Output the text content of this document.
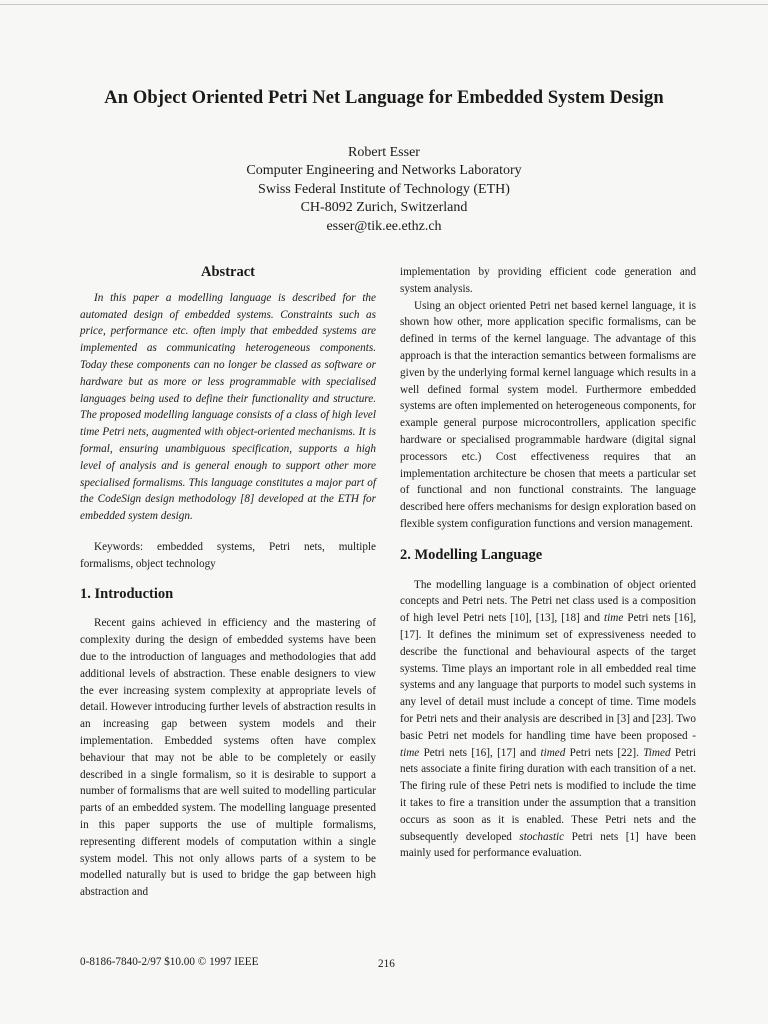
An Object Oriented Petri Net Language for Embedded System Design
Robert Esser
Computer Engineering and Networks Laboratory
Swiss Federal Institute of Technology (ETH)
CH-8092 Zurich, Switzerland
esser@tik.ee.ethz.ch
Abstract

In this paper a modelling language is described for the automated design of embedded systems. Constraints such as price, performance etc. often imply that embedded systems are implemented as communicating heterogeneous components. Today these components can no longer be classed as software or hardware but as more or less programmable with specialised languages being used to define their functionality and structure. The proposed modelling language consists of a class of high level time Petri nets, augmented with object-oriented mechanisms. It is formal, ensuring unambiguous specification, supports a high level of analysis and is general enough to support other more specialised formalisms. This language constitutes a major part of the CodeSign design methodology [8] developed at the ETH for embedded system design.

Keywords: embedded systems, Petri nets, multiple formalisms, object technology

1. Introduction

Recent gains achieved in efficiency and the mastering of complexity during the design of embedded systems have been due to the introduction of languages and methodologies that add additional levels of abstraction. These enable designers to view the ever increasing system complexity at appropriate levels of detail. However introducing further levels of abstraction results in an increasing gap between system models and their implementation. Embedded systems often have complex behaviour that may not be able to be completely or easily described in a single formalism, so it is desirable to support a number of formalisms that are well suited to modelling particular parts of an embedded system. The modelling language presented in this paper supports the use of multiple formalisms, representing different models of computation within a single system model. This not only allows parts of a system to be modelled naturally but is used to bridge the gap between high abstraction and

implementation by providing efficient code generation and system analysis.

Using an object oriented Petri net based kernel language, it is shown how other, more application specific formalisms, can be defined in terms of the kernel language. The advantage of this approach is that the interaction semantics between formalisms are given by the underlying formal kernel language which results in a well defined formal system model. Furthermore embedded systems are often implemented on heterogeneous components, for example general purpose microcontrollers, application specific hardware or specialised programmable hardware (digital signal processors etc.) Cost effectiveness requires that an implementation architecture be chosen that meets a particular set of functional and non functional constraints. The language described here offers mechanisms for design exploration based on flexible system configuration functions and version management.

2. Modelling Language

The modelling language is a combination of object oriented concepts and Petri nets. The Petri net class used is a composition of high level Petri nets [10], [13], [18] and time Petri nets [16], [17]. It defines the minimum set of expressiveness needed to describe the functional and behavioural aspects of the target systems. Time plays an important role in all embedded real time systems and any language that purports to model such systems in any level of detail must include a concept of time. Time models for Petri nets and their analysis are described in [3] and [23]. Two basic Petri net models for handling time have been proposed - time Petri nets [16], [17] and timed Petri nets [22]. Timed Petri nets associate a finite firing duration with each transition of a net. The firing rule of these Petri nets is modified to include the time it takes to fire a transition under the assumption that a transition occurs as soon as it is enabled. These Petri nets and the subsequently developed stochastic Petri nets [1] have been mainly used for performance evaluation.

0-8186-7840-2/97 $10.00 © 1997 IEEE	216
